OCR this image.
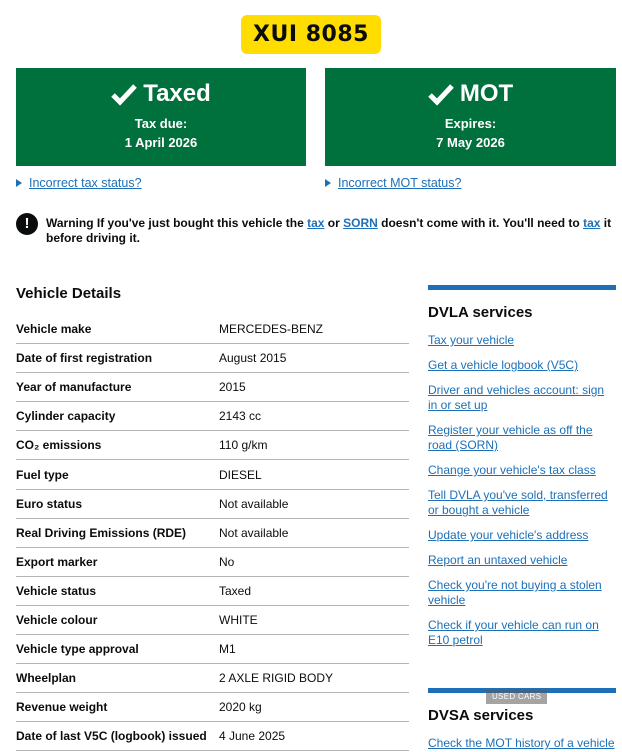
XUI 8085
Taxed
Tax due:
1 April 2026
MOT
Expires:
7 May 2026
Incorrect tax status?	Incorrect MOT status?
!	Warning If you've just bought this vehicle the tax or SORN doesn't come with it. You'll need to tax it before driving it.
Vehicle Details
Vehicle make	MERCEDES-BENZ
Date of first registration	August 2015
Year of manufacture	2015
Cylinder capacity	2143 cc
CO₂ emissions	110 g/km
Fuel type	DIESEL
Euro status	Not available
Real Driving Emissions (RDE)	Not available
Export marker	No
Vehicle status	Taxed
Vehicle colour	WHITE
Vehicle type approval	M1
Wheelplan	2 AXLE RIGID BODY
Revenue weight	2020 kg
Date of last V5C (logbook) issued	4 June 2025
DVLA services
Tax your vehicle
Get a vehicle logbook (V5C)
Driver and vehicles account: sign in or set up
Register your vehicle as off the road (SORN)
Change your vehicle's tax class
Tell DVLA you've sold, transferred or bought a vehicle
Update your vehicle's address
Report an untaxed vehicle
Check you're not buying a stolen vehicle
Check if your vehicle can run on E10 petrol
DVSA services
Check the MOT history of a vehicle
USED CARS
